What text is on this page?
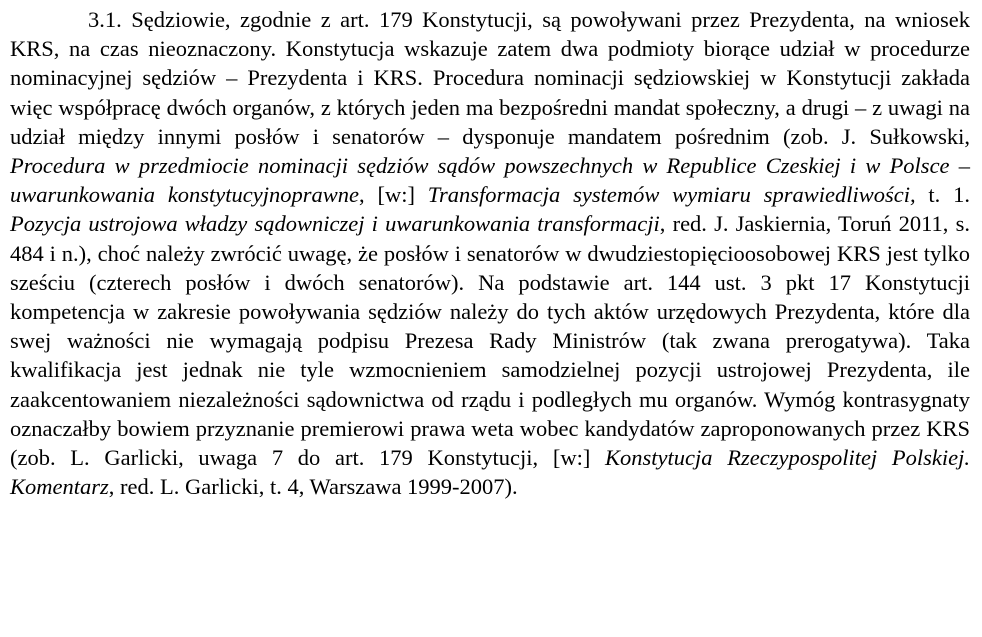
3.1. Sędziowie, zgodnie z art. 179 Konstytucji, są powoływani przez Prezydenta, na wniosek KRS, na czas nieoznaczony. Konstytucja wskazuje zatem dwa podmioty biorące udział w procedurze nominacyjnej sędziów – Prezydenta i KRS. Procedura nominacji sędziowskiej w Konstytucji zakłada więc współpracę dwóch organów, z których jeden ma bezpośredni mandat społeczny, a drugi – z uwagi na udział między innymi posłów i senatorów – dysponuje mandatem pośrednim (zob. J. Sułkowski, Procedura w przedmiocie nominacji sędziów sądów powszechnych w Republice Czeskiej i w Polsce – uwarunkowania konstytucyjnoprawne, [w:] Transformacja systemów wymiaru sprawiedliwości, t. 1. Pozycja ustrojowa władzy sądowniczej i uwarunkowania transformacji, red. J. Jaskiernia, Toruń 2011, s. 484 i n.), choć należy zwrócić uwagę, że posłów i senatorów w dwudziestopięcioosobowej KRS jest tylko sześciu (czterech posłów i dwóch senatorów). Na podstawie art. 144 ust. 3 pkt 17 Konstytucji kompetencja w zakresie powoływania sędziów należy do tych aktów urzędowych Prezydenta, które dla swej ważności nie wymagają podpisu Prezesa Rady Ministrów (tak zwana prerogatywa). Taka kwalifikacja jest jednak nie tyle wzmocnieniem samodzielnej pozycji ustrojowej Prezydenta, ile zaakcentowaniem niezależności sądownictwa od rządu i podległych mu organów. Wymóg kontrasygnaty oznaczałby bowiem przyznanie premierowi prawa weta wobec kandydatów zaproponowanych przez KRS (zob. L. Garlicki, uwaga 7 do art. 179 Konstytucji, [w:] Konstytucja Rzeczypospolitej Polskiej. Komentarz, red. L. Garlicki, t. 4, Warszawa 1999-2007).
